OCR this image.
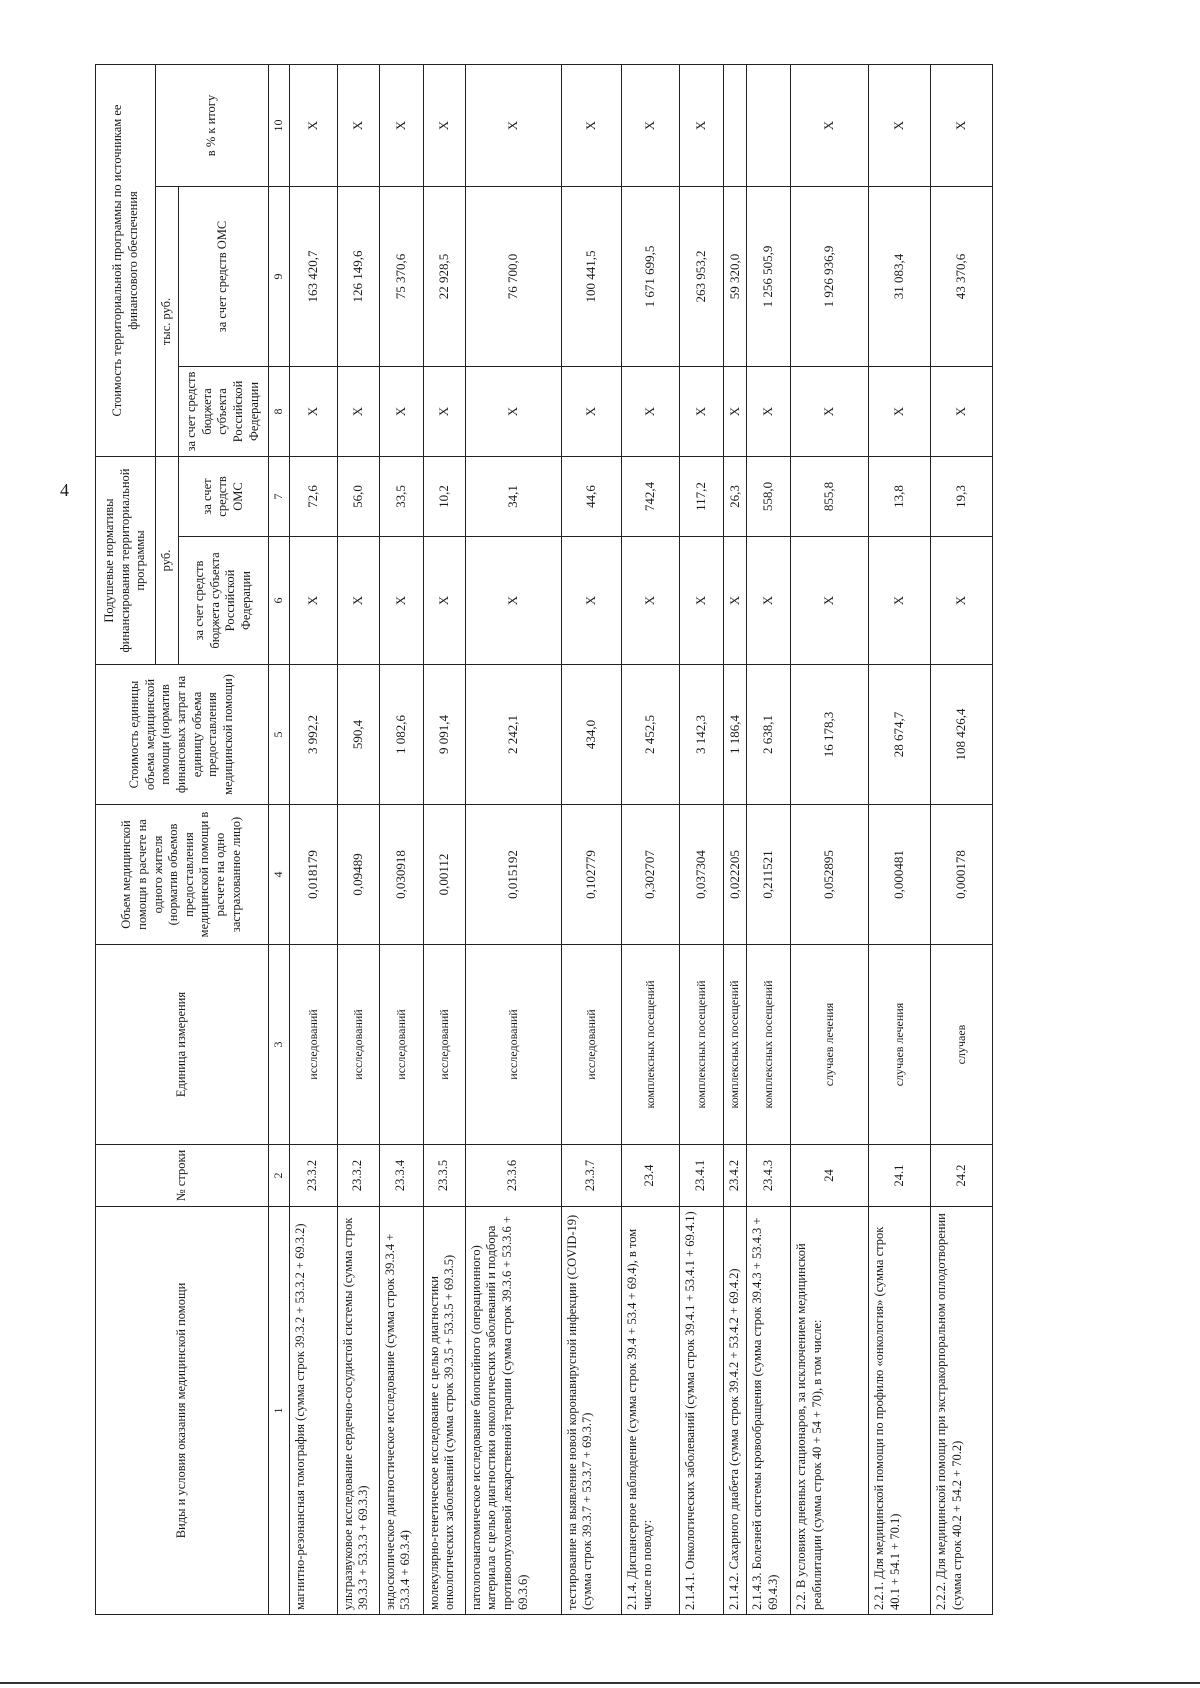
4
Виды и условия оказания медицинской помощи	№ строки	Единица измерения	Объем медицинской помощи в расчете на одного жителя (норматив объемов предоставления медицинской помощи в расчете на одно застрахованное лицо)	Стоимость единицы объема медицинской помощи (норматив финансовых затрат на единицу объема предоставления медицинской помощи)	Подушевые нормативы финансирования территориальной программы		Стоимость территориальной программы по источникам ее финансового обеспечения		
					руб.		тыс. руб.		в % к итогу
					за счет средств бюджета субъекта Российской Федерации	за счет средств ОМС	за счет средств бюджета субъекта Российской Федерации	за счет средств ОМС	
1	2	3	4	5	6	7	8	9	10
магнитно-резонансная томография (сумма строк 39.3.2 + 53.3.2 + 69.3.2)	23.3.2	исследований	0,018179	3 992,2	Х	72,6	Х	163 420,7	Х
ультразвуковое исследование сердечно-сосудистой системы (сумма строк 39.3.3 + 53.3.3 + 69.3.3)	23.3.2	исследований	0,09489	590,4	Х	56,0	Х	126 149,6	Х
эндоскопическое диагностическое исследование (сумма строк 39.3.4 + 53.3.4 + 69.3.4)	23.3.4	исследований	0,030918	1 082,6	Х	33,5	Х	75 370,6	Х
молекулярно-генетическое исследование с целью диагностики онкологических заболеваний (сумма строк 39.3.5 + 53.3.5 + 69.3.5)	23.3.5	исследований	0,00112	9 091,4	Х	10,2	Х	22 928,5	Х
патологоанатомическое исследование биопсийного (операционного) материала с целью диагностики онкологических заболеваний и подбора противоопухолевой лекарственной терапии (сумма строк 39.3.6 + 53.3.6 + 69.3.6)	23.3.6	исследований	0,015192	2 242,1	Х	34,1	Х	76 700,0	Х
тестирование на выявление новой коронавирусной инфекции (COVID-19) (сумма строк 39.3.7 + 53.3.7 + 69.3.7)	23.3.7	исследований	0,102779	434,0	Х	44,6	Х	100 441,5	Х
2.1.4. Диспансерное наблюдение (сумма строк 39.4 + 53.4 + 69.4), в том числе по поводу:	23.4	комплексных посещений	0,302707	2 452,5	Х	742,4	Х	1 671 699,5	Х
2.1.4.1. Онкологических заболеваний (сумма строк 39.4.1 + 53.4.1 + 69.4.1)	23.4.1	комплексных посещений	0,037304	3 142,3	Х	117,2	Х	263 953,2	Х
2.1.4.2. Сахарного диабета (сумма строк 39.4.2 + 53.4.2 + 69.4.2)	23.4.2	комплексных посещений	0,022205	1 186,4	Х	26,3	Х	59 320,0	
2.1.4.3. Болезней системы кровообращения (сумма строк 39.4.3 + 53.4.3 + 69.4.3)	23.4.3	комплексных посещений	0,211521	2 638,1	Х	558,0	Х	1 256 505,9	
2.2. В условиях дневных стационаров, за исключением медицинской реабилитации (сумма строк 40 + 54 + 70), в том числе:	24	случаев лечения	0,052895	16 178,3	Х	855,8	Х	1 926 936,9	Х
2.2.1. Для медицинской помощи по профилю «онкология» (сумма строк 40.1 + 54.1 + 70.1)	24.1	случаев лечения	0,000481	28 674,7	Х	13,8	Х	31 083,4	Х
2.2.2. Для медицинской помощи при экстракорпоральном оплодотворении (сумма строк 40.2 + 54.2 + 70.2)	24.2	случаев	0,000178	108 426,4	Х	19,3	Х	43 370,6	Х
